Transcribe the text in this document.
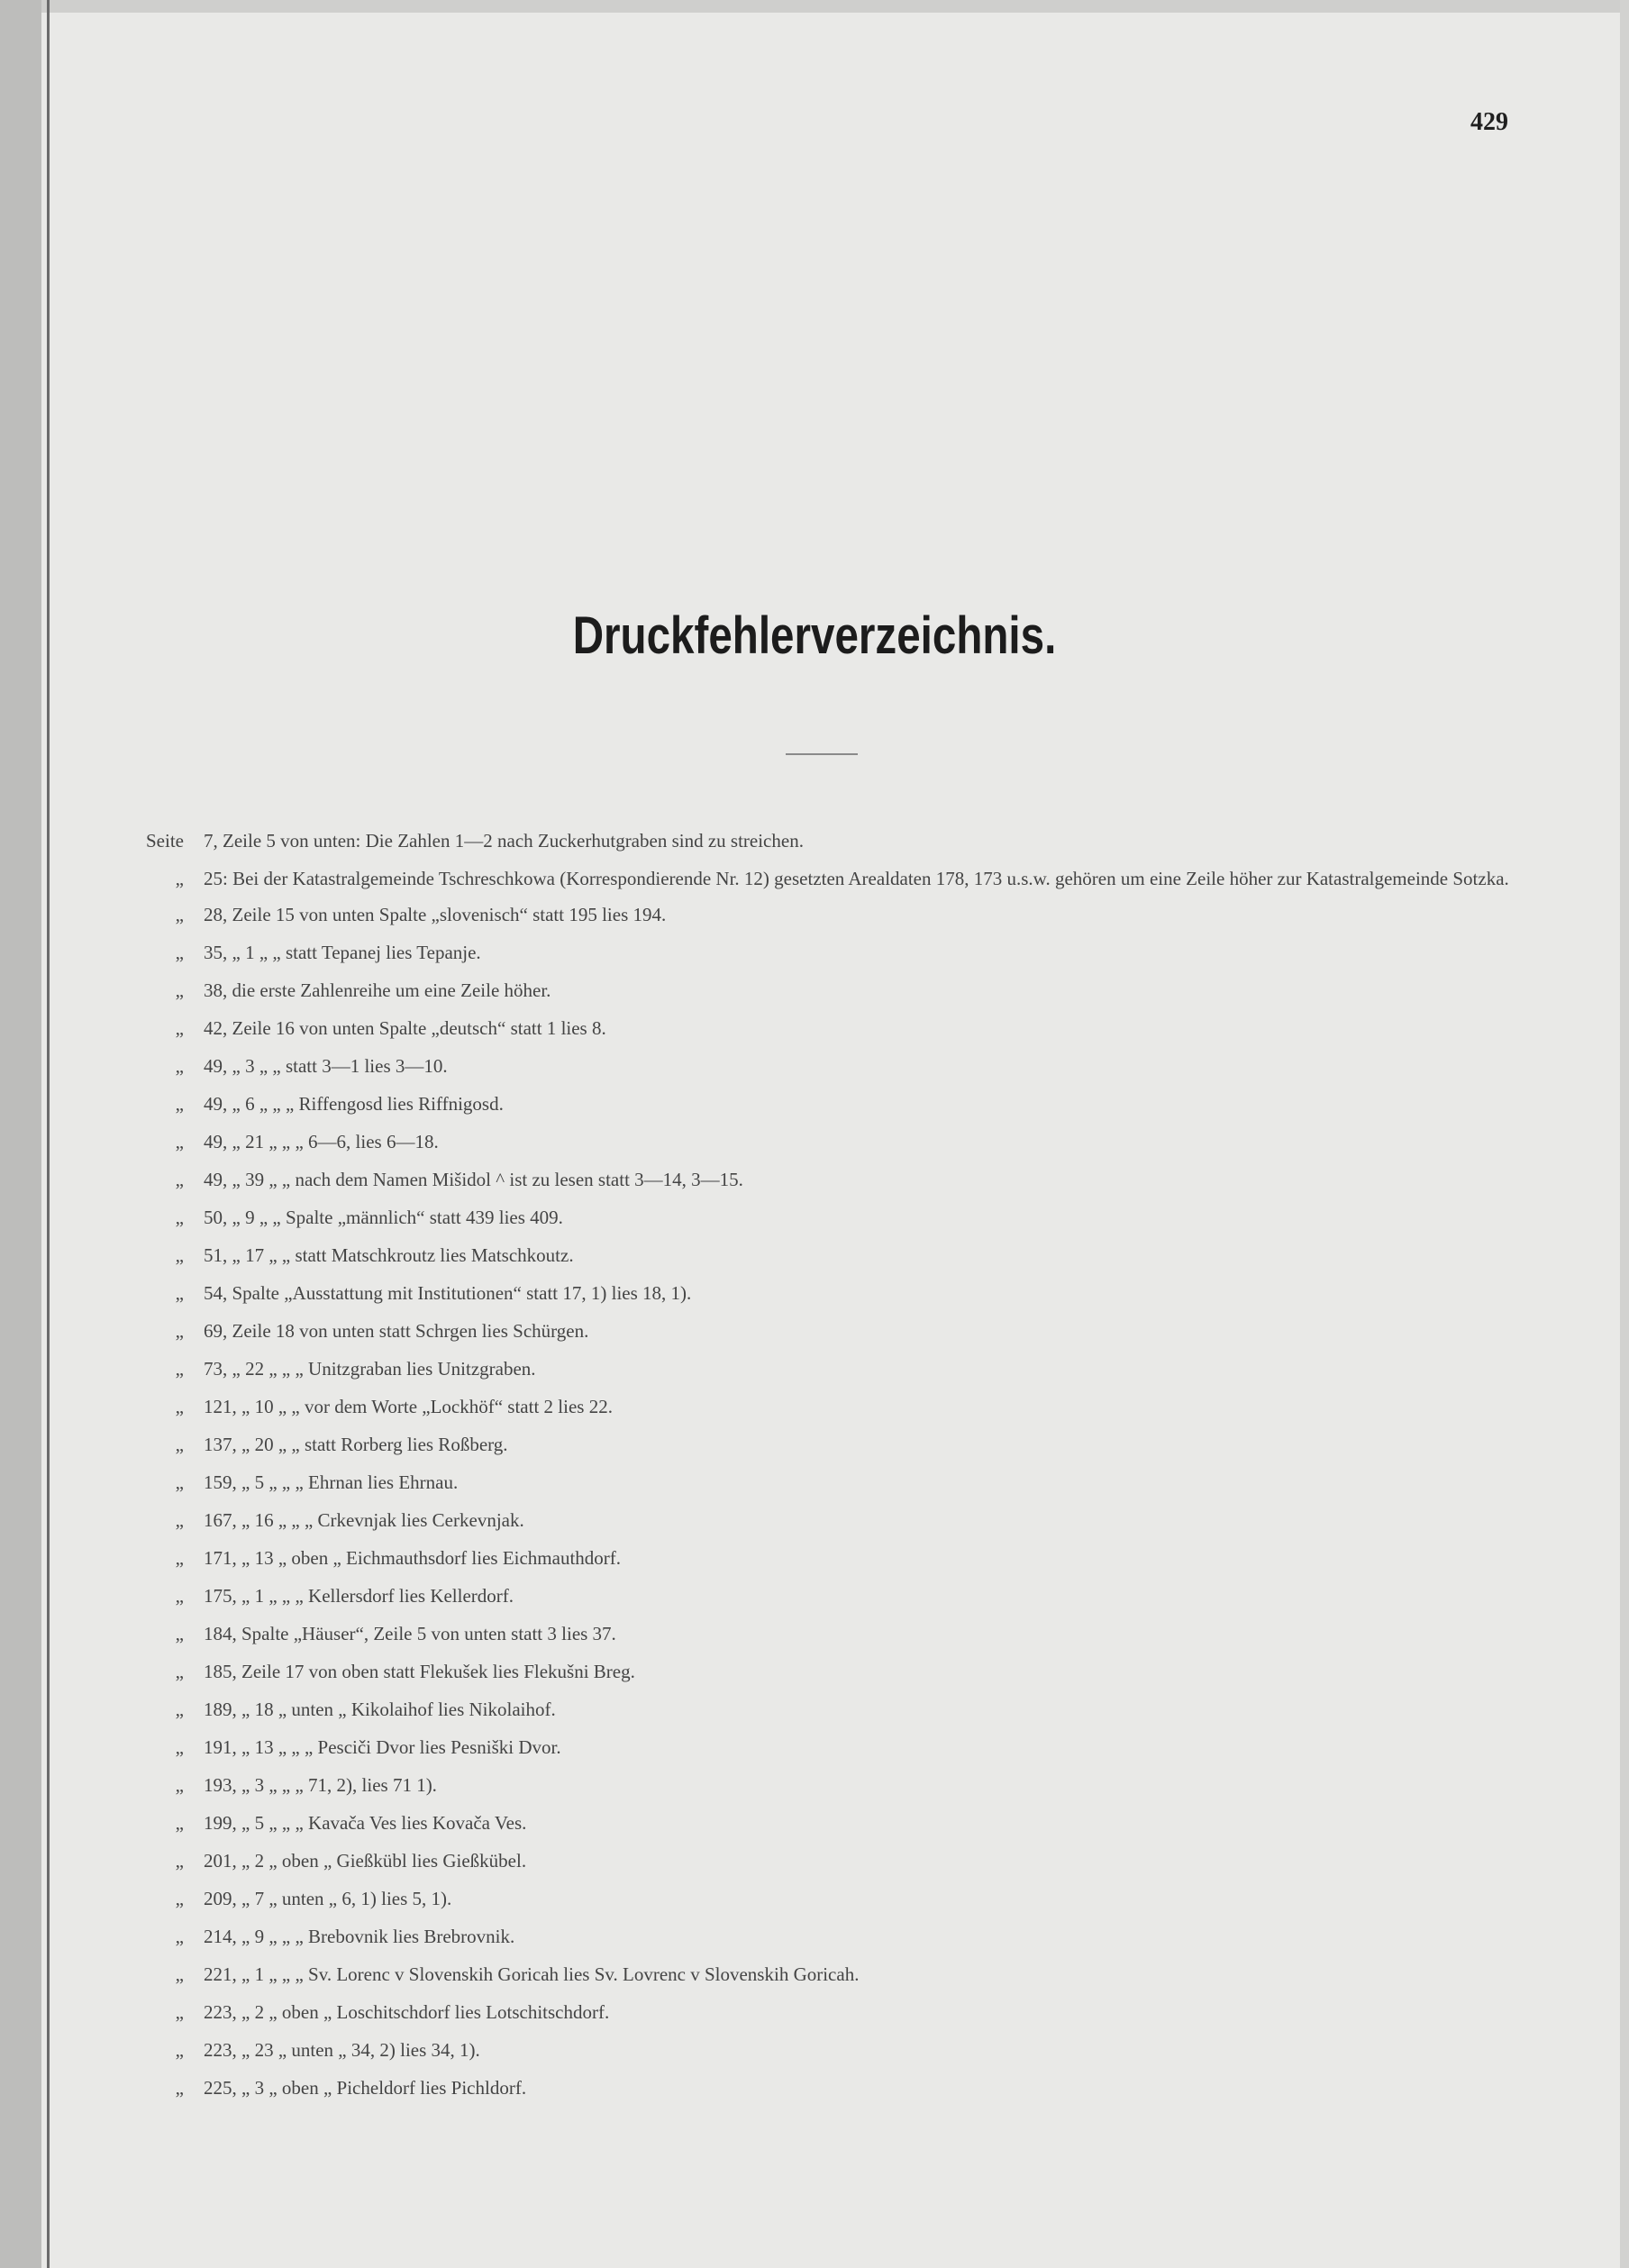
429
Druckfehlerverzeichnis.
Seite 7, Zeile 5 von unten: Die Zahlen 1—2 nach Zuckerhutgraben sind zu streichen.
„ 25: Bei der Katastralgemeinde Tschreschkowa (Korrespondierende Nr. 12) gesetzten Arealdaten 178, 173 u.s.w. gehören um eine Zeile höher zur Katastralgemeinde Sotzka.
„ 28, Zeile 15 von unten Spalte „slovenisch“ statt 195 lies 194.
„ 35, „ 1 „ „ statt Tepanej lies Tepanje.
„ 38, die erste Zahlenreihe um eine Zeile höher.
„ 42, Zeile 16 von unten Spalte „deutsch“ statt 1 lies 8.
„ 49, „ 3 „ „ statt 3—1 lies 3—10.
„ 49, „ 6 „ „ „ Riffengosd lies Riffnigosd.
„ 49, „ 21 „ „ „ 6—6, lies 6—18.
„ 49, „ 39 „ „ nach dem Namen Mišidol ^ ist zu lesen statt 3—14, 3—15.
„ 50, „ 9 „ „ Spalte „männlich“ statt 439 lies 409.
„ 51, „ 17 „ „ statt Matschkroutz lies Matschkoutz.
„ 54, Spalte „Ausstattung mit Institutionen“ statt 17, 1) lies 18, 1).
„ 69, Zeile 18 von unten statt Schrgen lies Schürgen.
„ 73, „ 22 „ „ „ Unitzgraban lies Unitzgraben.
„ 121, „ 10 „ „ vor dem Worte „Lockhöf“ statt 2 lies 22.
„ 137, „ 20 „ „ statt Rorberg lies Roßberg.
„ 159, „ 5 „ „ „ Ehrnan lies Ehrnau.
„ 167, „ 16 „ „ „ Crkevnjak lies Cerkevnjak.
„ 171, „ 13 „ oben „ Eichmauthsdorf lies Eichmauthdorf.
„ 175, „ 1 „ „ „ Kellersdorf lies Kellerdorf.
„ 184, Spalte „Häuser“, Zeile 5 von unten statt 3 lies 37.
„ 185, Zeile 17 von oben statt Flekušek lies Flekušni Breg.
„ 189, „ 18 „ unten „ Kikolaihof lies Nikolaihof.
„ 191, „ 13 „ „ „ Pesciči Dvor lies Pesniški Dvor.
„ 193, „ 3 „ „ „ 71, 2), lies 71 1).
„ 199, „ 5 „ „ „ Kavača Ves lies Kovača Ves.
„ 201, „ 2 „ oben „ Gießkübl lies Gießkübel.
„ 209, „ 7 „ unten „ 6, 1) lies 5, 1).
„ 214, „ 9 „ „ „ Brebovnik lies Brebrovnik.
„ 221, „ 1 „ „ „ Sv. Lorenc v Slovenskih Goricah lies Sv. Lovrenc v Slovenskih Goricah.
„ 223, „ 2 „ oben „ Loschitschdorf lies Lotschitschdorf.
„ 223, „ 23 „ unten „ 34, 2) lies 34, 1).
„ 225, „ 3 „ oben „ Picheldorf lies Pichldorf.
